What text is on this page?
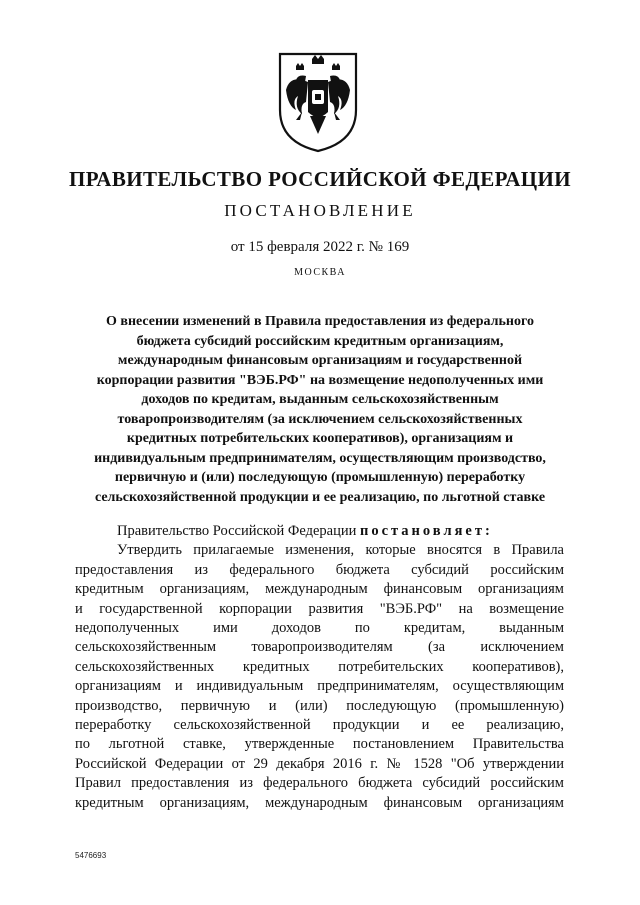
ПРАВИТЕЛЬСТВО РОССИЙСКОЙ ФЕДЕРАЦИИ
ПОСТАНОВЛЕНИЕ
от 15 февраля 2022 г. № 169
МОСКВА
О внесении изменений в Правила предоставления из федерального
бюджета субсидий российским кредитным организациям,
международным финансовым организациям и государственной
корпорации развития "ВЭБ.РФ" на возмещение недополученных ими
доходов по кредитам, выданным сельскохозяйственным
товаропроизводителям (за исключением сельскохозяйственных
кредитных потребительских кооперативов), организациям и
индивидуальным предпринимателям, осуществляющим производство,
первичную и (или) последующую (промышленную) переработку
сельскохозяйственной продукции и ее реализацию, по льготной ставке
Правительство Российской Федерации постановляет:
Утвердить прилагаемые изменения, которые вносятся в Правила
предоставления из федерального бюджета субсидий российским
кредитным организациям, международным финансовым организациям
и государственной корпорации развития "ВЭБ.РФ" на возмещение
недополученных ими доходов по кредитам, выданным
сельскохозяйственным товаропроизводителям (за исключением
сельскохозяйственных кредитных потребительских кооперативов),
организациям и индивидуальным предпринимателям, осуществляющим
производство, первичную и (или) последующую (промышленную)
переработку сельскохозяйственной продукции и ее реализацию,
по льготной ставке, утвержденные постановлением Правительства
Российской Федерации от 29 декабря 2016 г. № 1528 "Об утверждении
Правил предоставления из федерального бюджета субсидий российским
кредитным организациям, международным финансовым организациям
5476693
